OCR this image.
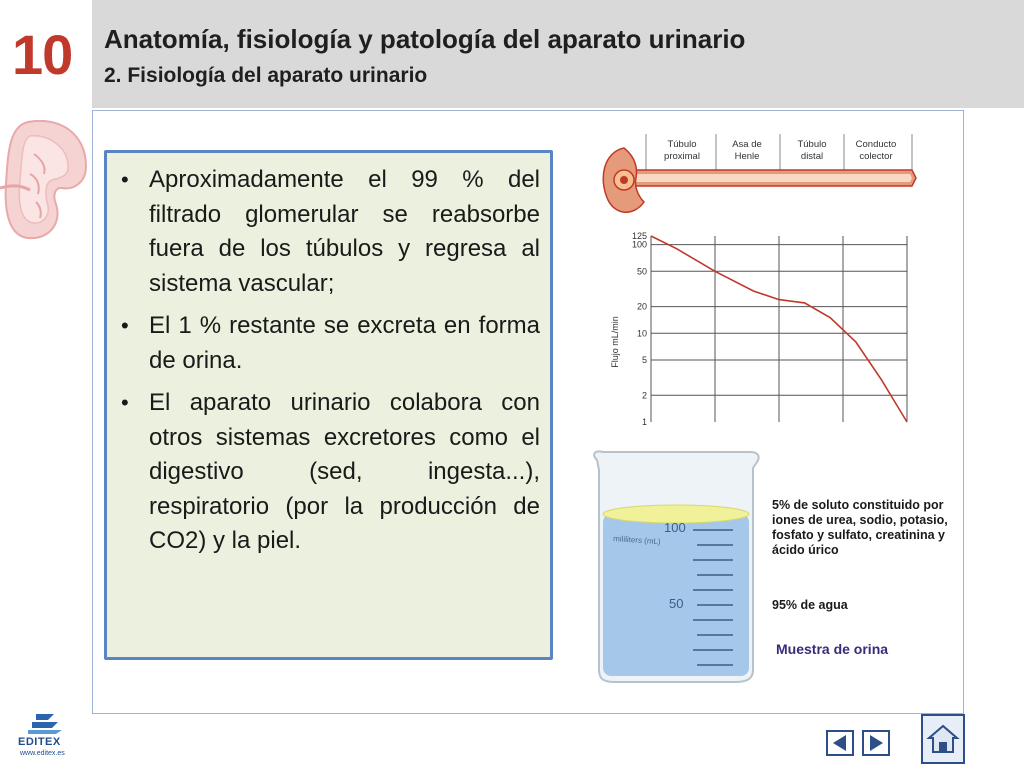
10 Anatomía, fisiología y patología del aparato urinario
2. Fisiología del aparato urinario
• Aproximadamente el 99 % del filtrado glomerular se reabsorbe fuera de los túbulos y regresa al sistema vascular;
• El 1 % restante se excreta en forma de orina.
• El aparato urinario colabora con otros sistemas excretores como el digestivo (sed, ingesta...), respiratorio (por la producción de CO2) y la piel.
Túbulo
proximal
Asa de
Henle
Túbulo
distal
Conducto
colector
Flujo mL/min
125
100
50
20
10
5
2
1
mililiters (mL)
100
50
5% de soluto constituido por iones de urea, sodio, potasio, fosfato y sulfato, creatinina y ácido úrico
95% de agua
Muestra de orina
EDITEX
www.editex.es
